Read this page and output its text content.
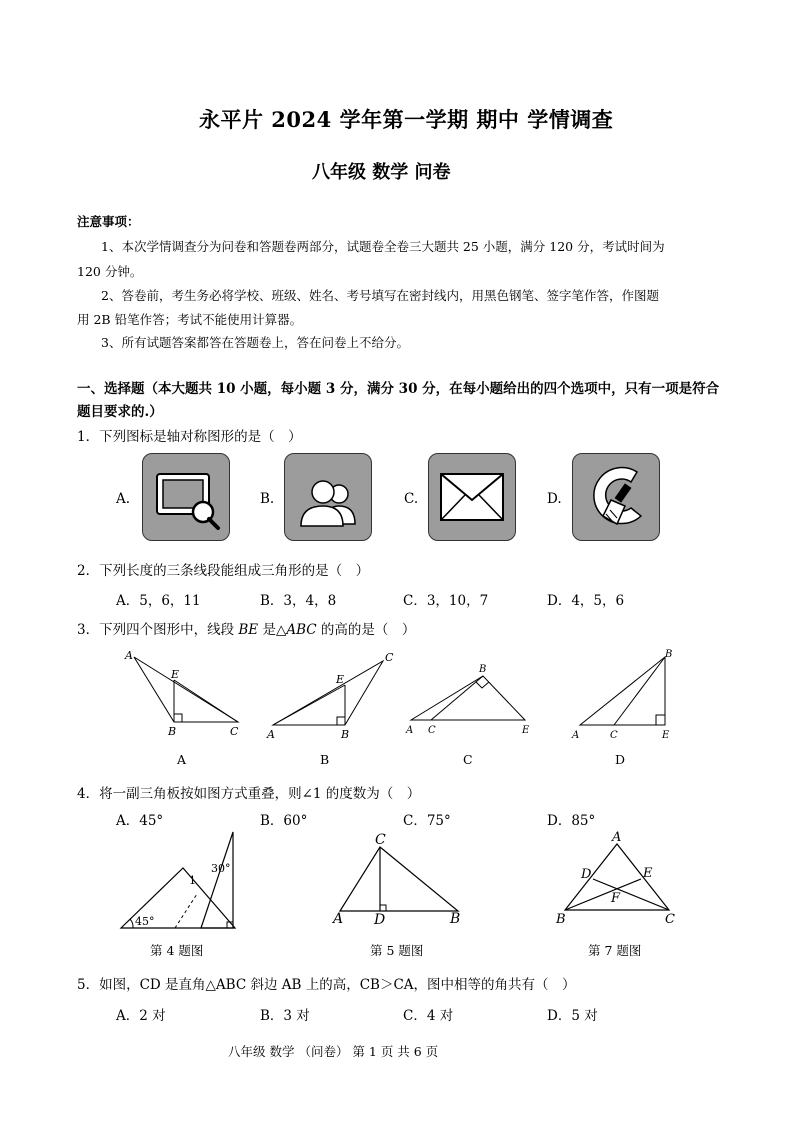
永平片 2024 学年第一学期 期中 学情调查
八年级 数学 问卷
注意事项：
1、本次学情调查分为问卷和答题卷两部分，试题卷全卷三大题共 25 小题，满分 120 分，考试时间为
120 分钟。
2、答卷前，考生务必将学校、班级、姓名、考号填写在密封线内，用黑色钢笔、签字笔作答，作图题
用 2B 铅笔作答；考试不能使用计算器。
3、所有试题答案都答在答题卷上，答在问卷上不给分。
一、选择题（本大题共 10 小题，每小题 3 分，满分 30 分，在每小题给出的四个选项中，只有一项是符合
题目要求的.）
1．下列图标是轴对称图形的是（　）
A.	B.	C.	D.
2．下列长度的三条线段能组成三角形的是（　）
A．5，6，11	B．3，4，8	C．3，10，7	D．4，5，6
3．下列四个图形中，线段 BE 是△ABC 的高的是（　）
A
E
B	C
C
E
A	B
B
A C	E
B
A	C	E
A	B	C	D
4．将一副三角板按如图方式重叠，则∠1 的度数为（　）
A．45°	B．60°	C．75°	D．85°
1
30°
45°
C
A D	B
A
D	E
F
B	C
第 4 题图	第 5 题图	第 7 题图
5．如图，CD 是直角△ABC 斜边 AB 上的高，CB＞CA，图中相等的角共有（　）
A．2 对	B．3 对	C．4 对	D．5 对
八年级 数学 （问卷） 第 1 页 共 6 页
